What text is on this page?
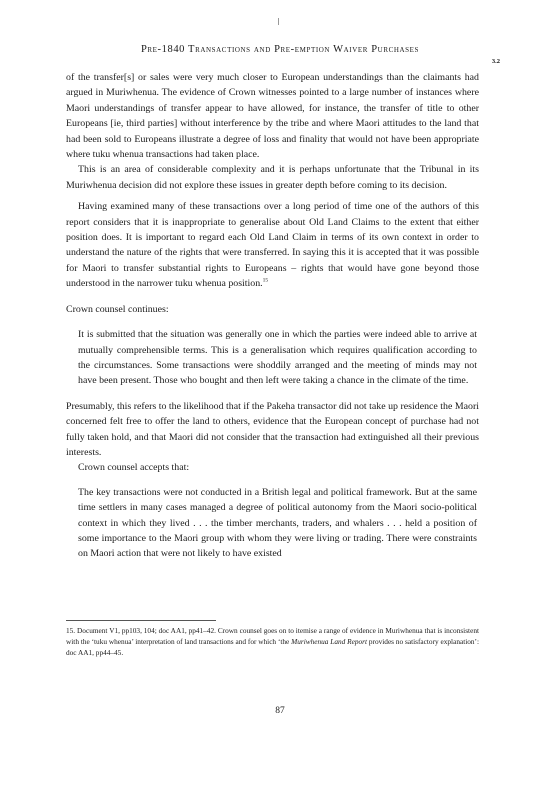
Pre-1840 Transactions and Pre-emption Waiver Purchases
3.2

of the transfer[s] or sales were very much closer to European understandings than the claimants had argued in Muriwhenua. The evidence of Crown witnesses pointed to a large number of instances where Maori understandings of transfer appear to have allowed, for instance, the transfer of title to other Europeans [ie, third parties] without interference by the tribe and where Maori attitudes to the land that had been sold to Europeans illustrate a degree of loss and finality that would not have been appropriate where tuku whenua transactions had taken place.

This is an area of considerable complexity and it is perhaps unfortunate that the Tribunal in its Muriwhenua decision did not explore these issues in greater depth before coming to its decision.

Having examined many of these transactions over a long period of time one of the authors of this report considers that it is inappropriate to generalise about Old Land Claims to the extent that either position does. It is important to regard each Old Land Claim in terms of its own context in order to understand the nature of the rights that were transferred. In saying this it is accepted that it was possible for Maori to transfer substantial rights to Europeans – rights that would have gone beyond those understood in the narrower tuku whenua position.$^{15}$

Crown counsel continues:

It is submitted that the situation was generally one in which the parties were indeed able to arrive at mutually comprehensible terms. This is a generalisation which requires qualification according to the circumstances. Some transactions were shoddily arranged and the meeting of minds may not have been present. Those who bought and then left were taking a chance in the climate of the time.

Presumably, this refers to the likelihood that if the Pakeha transactor did not take up residence the Maori concerned felt free to offer the land to others, evidence that the European concept of purchase had not fully taken hold, and that Maori did not consider that the transaction had extinguished all their previous interests.

Crown counsel accepts that:

The key transactions were not conducted in a British legal and political framework. But at the same time settlers in many cases managed a degree of political autonomy from the Maori socio-political context in which they lived . . . the timber merchants, traders, and whalers . . . held a position of some importance to the Maori group with whom they were living or trading. There were constraints on Maori action that were not likely to have existed

15. Document V1, pp103, 104; doc AA1, pp41–42. Crown counsel goes on to itemise a range of evidence in Muriwhenua that is inconsistent with the ‘tuku whenua’ interpretation of land transactions and for which ‘the Muriwhenua Land Report provides no satisfactory explanation’: doc AA1, pp44–45.
87
